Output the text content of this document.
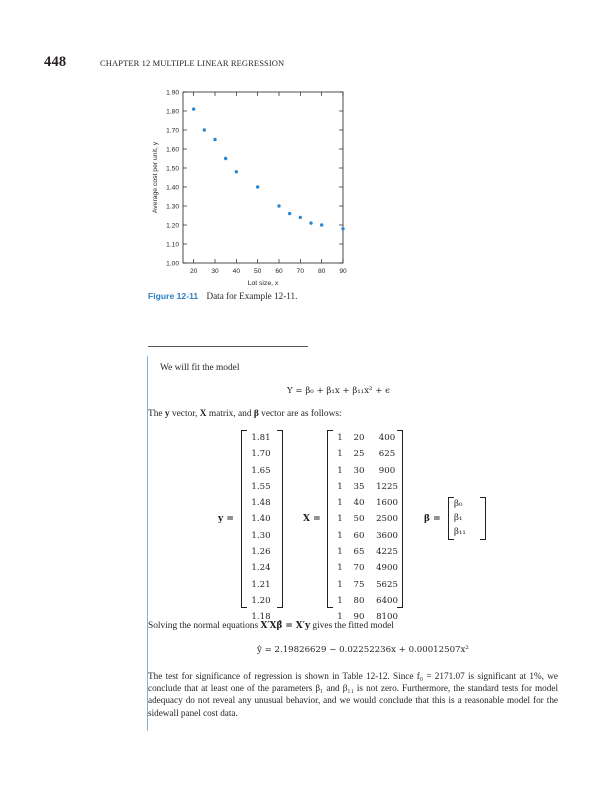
448	CHAPTER 12 MULTIPLE LINEAR REGRESSION
1.00
1.10
1.20
1.30
1.40
1.50
1.60
1.70
1.80
1.90
20 30 40 50 60 70 80 90
Lot size, x
Average cost per unit, y
Figure 12-11 Data for Example 12-11.
We will fit the model
Y = β₀ + β₁x + β₁₁x² + ϵ
The y vector, X matrix, and β vector are as follows:
y =
1.81
1.70
1.65
1.55
1.48
1.40
1.30
1.26
1.24
1.21
1.20
1.18
X =
1
1
1
1
1
1
1
1
1
1
1
1
20
25
30
35
40
50
60
65
70
75
80
90
400
625
900
1225
1600
2500
3600
4225
4900
5625
6400
8100
β =
β₀
β₁
β₁₁
Solving the normal equations X′Xβ̂ = X′y gives the fitted model
ŷ = 2.19826629 − 0.0225223​6x + 0.00012507x²
The test for significance of regression is shown in Table 12-12. Since f₀ = 2171.07 is significant at 1%, we conclude that at least one of the parameters β₁ and β₁₁ is not zero. Furthermore, the standard tests for model adequacy do not reveal any unusual behavior, and we would conclude that this is a reasonable model for the sidewall panel cost data.
